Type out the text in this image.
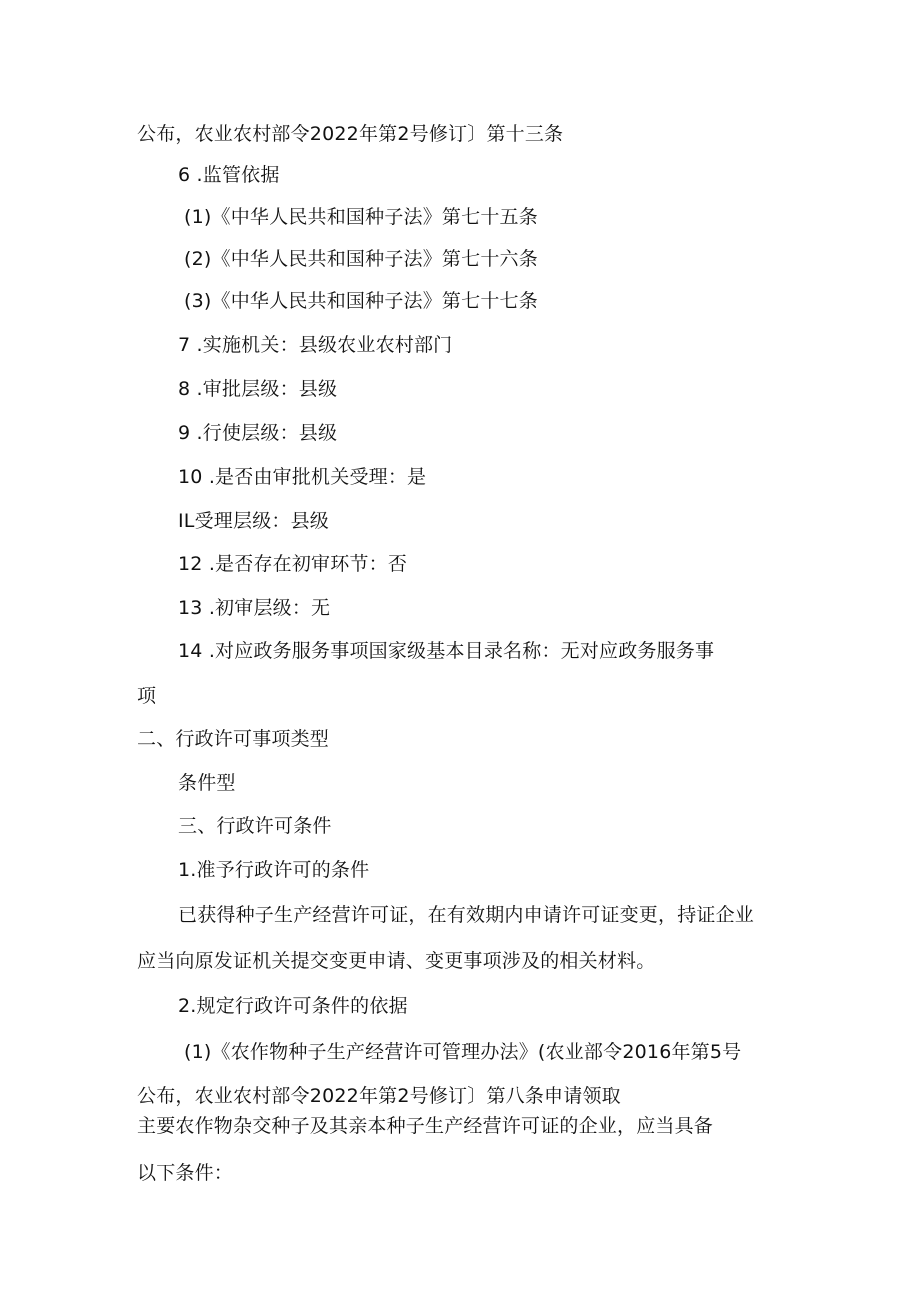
公布，农业农村部令2022年第2号修订〕第十三条
6 .监管依据
(1)《中华人民共和国种子法》第七十五条
(2)《中华人民共和国种子法》第七十六条
(3)《中华人民共和国种子法》第七十七条
7 .实施机关：县级农业农村部门
8 .审批层级：县级
9 .行使层级：县级
10 .是否由审批机关受理：是
IL受理层级：县级
12 .是否存在初审环节：否
13 .初审层级：无
14 .对应政务服务事项国家级基本目录名称：无对应政务服务事
项
二、行政许可事项类型
条件型
三、行政许可条件
1.准予行政许可的条件
已获得种子生产经营许可证，在有效期内申请许可证变更，持证企业
应当向原发证机关提交变更申请、变更事项涉及的相关材料。
2.规定行政许可条件的依据
(1)《农作物种子生产经营许可管理办法》(农业部令2016年第5号
公布，农业农村部令2022年第2号修订〕第八条申请领取
主要农作物杂交种子及其亲本种子生产经营许可证的企业，应当具备
以下条件：
